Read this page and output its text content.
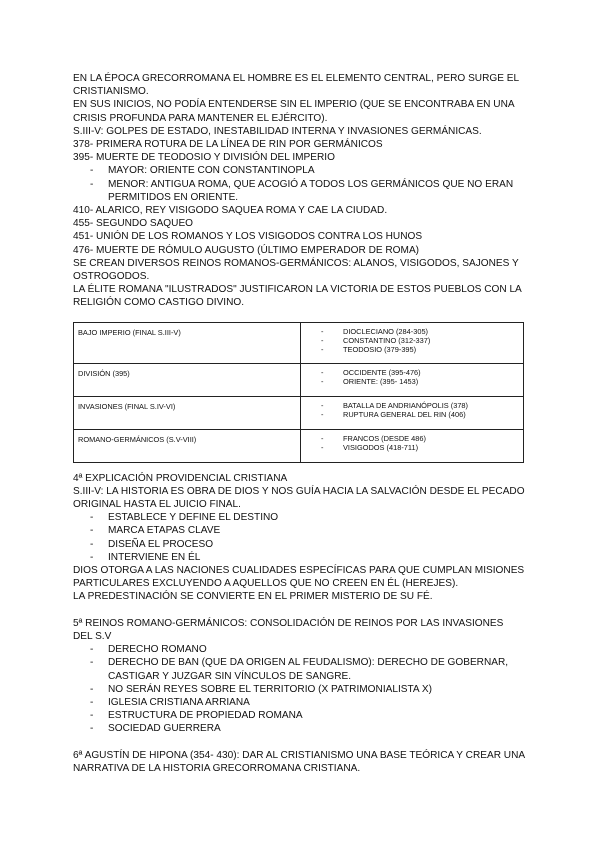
EN LA ÉPOCA GRECORROMANA EL HOMBRE ES EL ELEMENTO CENTRAL, PERO SURGE EL CRISTIANISMO.

EN SUS INICIOS, NO PODÍA ENTENDERSE SIN EL IMPERIO (QUE SE ENCONTRABA EN UNA CRISIS PROFUNDA PARA MANTENER EL EJÉRCITO).

S.III-V: GOLPES DE ESTADO, INESTABILIDAD INTERNA Y INVASIONES GERMÁNICAS.

378- PRIMERA ROTURA DE LA LÍNEA DE RIN POR GERMÁNICOS

395- MUERTE DE TEODOSIO Y DIVISIÓN DEL IMPERIO

- MAYOR: ORIENTE CON CONSTANTINOPLA
- MENOR: ANTIGUA ROMA, QUE ACOGIÓ A TODOS LOS GERMÁNICOS QUE NO ERAN PERMITIDOS EN ORIENTE.

410- ALARICO, REY VISIGODO SAQUEA ROMA Y CAE LA CIUDAD.

455- SEGUNDO SAQUEO

451- UNIÓN DE LOS ROMANOS Y LOS VISIGODOS CONTRA LOS HUNOS

476- MUERTE DE RÓMULO AUGUSTO (ÚLTIMO EMPERADOR DE ROMA)

SE CREAN DIVERSOS REINOS ROMANOS-GERMÁNICOS: ALANOS, VISIGODOS, SAJONES Y OSTROGODOS.

LA ÉLITE ROMANA "ILUSTRADOS" JUSTIFICARON LA VICTORIA DE ESTOS PUEBLOS CON LA RELIGIÓN COMO CASTIGO DIVINO.

BAJO IMPERIO (FINAL S.III-V)	- DIOCLECIANO (284-305)
- CONSTANTINO (312-337)
- TEODOSIO (379-395)

DIVISIÓN (395)	- OCCIDENTE (395-476)
- ORIENTE: (395- 1453)

INVASIONES (FINAL S.IV-VI)	- BATALLA DE ANDRIANÓPOLIS (378)
- RUPTURA GENERAL DEL RIN (406)

ROMANO-GERMÁNICOS (S.V-VIII)	- FRANCOS (DESDE 486)
- VISIGODOS (418-711)

4ª EXPLICACIÓN PROVIDENCIAL CRISTIANA

S.III-V: LA HISTORIA ES OBRA DE DIOS Y NOS GUÍA HACIA LA SALVACIÓN DESDE EL PECADO ORIGINAL HASTA EL JUICIO FINAL.

- ESTABLECE Y DEFINE EL DESTINO
- MARCA ETAPAS CLAVE
- DISEÑA EL PROCESO
- INTERVIENE EN ÉL

DIOS OTORGA A LAS NACIONES CUALIDADES ESPECÍFICAS PARA QUE CUMPLAN MISIONES PARTICULARES EXCLUYENDO A AQUELLOS QUE NO CREEN EN ÉL (HEREJES).

LA PREDESTINACIÓN SE CONVIERTE EN EL PRIMER MISTERIO DE SU FÉ.

5ª REINOS ROMANO-GERMÁNICOS: CONSOLIDACIÓN DE REINOS POR LAS INVASIONES DEL S.V

- DERECHO ROMANO
- DERECHO DE BAN (QUE DA ORIGEN AL FEUDALISMO): DERECHO DE GOBERNAR, CASTIGAR Y JUZGAR SIN VÍNCULOS DE SANGRE.
- NO SERÁN REYES SOBRE EL TERRITORIO (X PATRIMONIALISTA X)
- IGLESIA CRISTIANA ARRIANA
- ESTRUCTURA DE PROPIEDAD ROMANA
- SOCIEDAD GUERRERA

6ª AGUSTÍN DE HIPONA (354- 430): DAR AL CRISTIANISMO UNA BASE TEÓRICA Y CREAR UNA NARRATIVA DE LA HISTORIA GRECORROMANA CRISTIANA.
